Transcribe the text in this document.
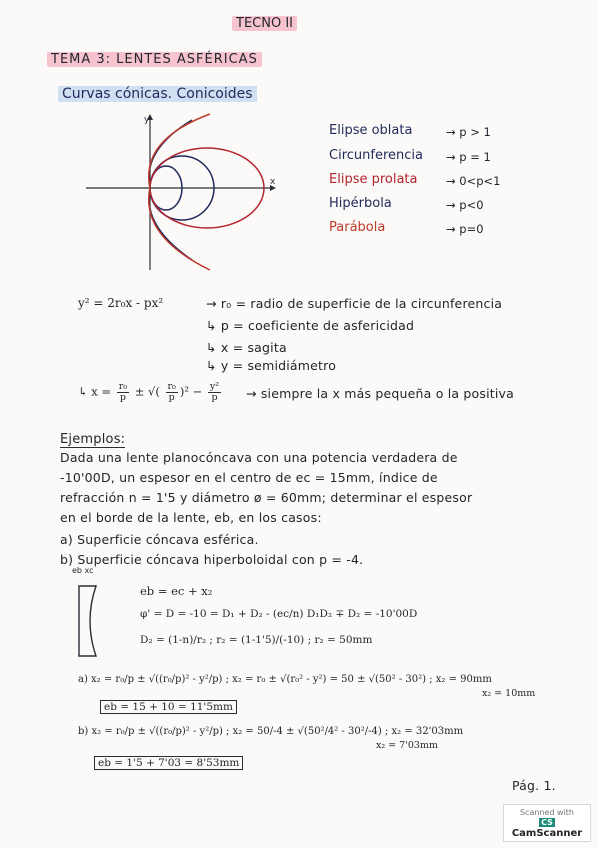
TECNO II
TEMA 3: LENTES ASFÉRICAS
Curvas cónicas. Conicoides
y
x
Elipse oblata	→ p > 1
Circunferencia → p = 1
Elipse prolata → 0<p<1
Hipérbola	→ p<0
Parábola	→ p=0
y² = 2r₀x - px²	→ r₀ = radio de superficie de la circunferencia
↳ p = coeficiente de asfericidad
↳ x = sagita
↳ y = semidiámetro
↳ $x = \frac{\text{r₀}}{p}$ ± √( $\frac{\text{r₀}}{p} )^2 - \frac{\text{y²}}{p}$ → siempre la x más pequeña o la positiva
Ejemplos:
Dada una lente planocóncava con una potencia verdadera de
-10'00D, un espesor en el centro de ec = 15mm, índice de
refracción n = 1'5 y diámetro ø = 60mm; determinar el espesor
en el borde de la lente, eb, en los casos:
a) Superficie cóncava esférica.
b) Superficie cóncava hiperboloidal con p = -4.
eb xc
eb = ec + x₂
φ' = D = -10 = D₁ + D₂ - (ec/n) D₁D₂ ∓ D₂ = -10'00D
D₂ = (1-n)/r₂ ; r₂ = (1-1'5)/(-10) ; r₂ = 50mm
a) x₂ = r₀/p ± √((r₀/p)² - y²/p) ; x₂ = r₀ ± √(r₀² - y²) = 50 ± √(50² - 30²) ; x₂ = 90mm
x₂ = 10mm
eb = 15 + 10 = 11'5mm
b) x₂ = r₀/p ± √((r₀/p)² - y²/p) ; x₂ = 50/-4 ± √(50²/4² - 30²/-4) ; x₂ = 32'03mm
x₂ = 7'03mm
eb = 1'5 + 7'03 = 8'53mm
Pág. 1.
Scanned with
CS CamScanner
